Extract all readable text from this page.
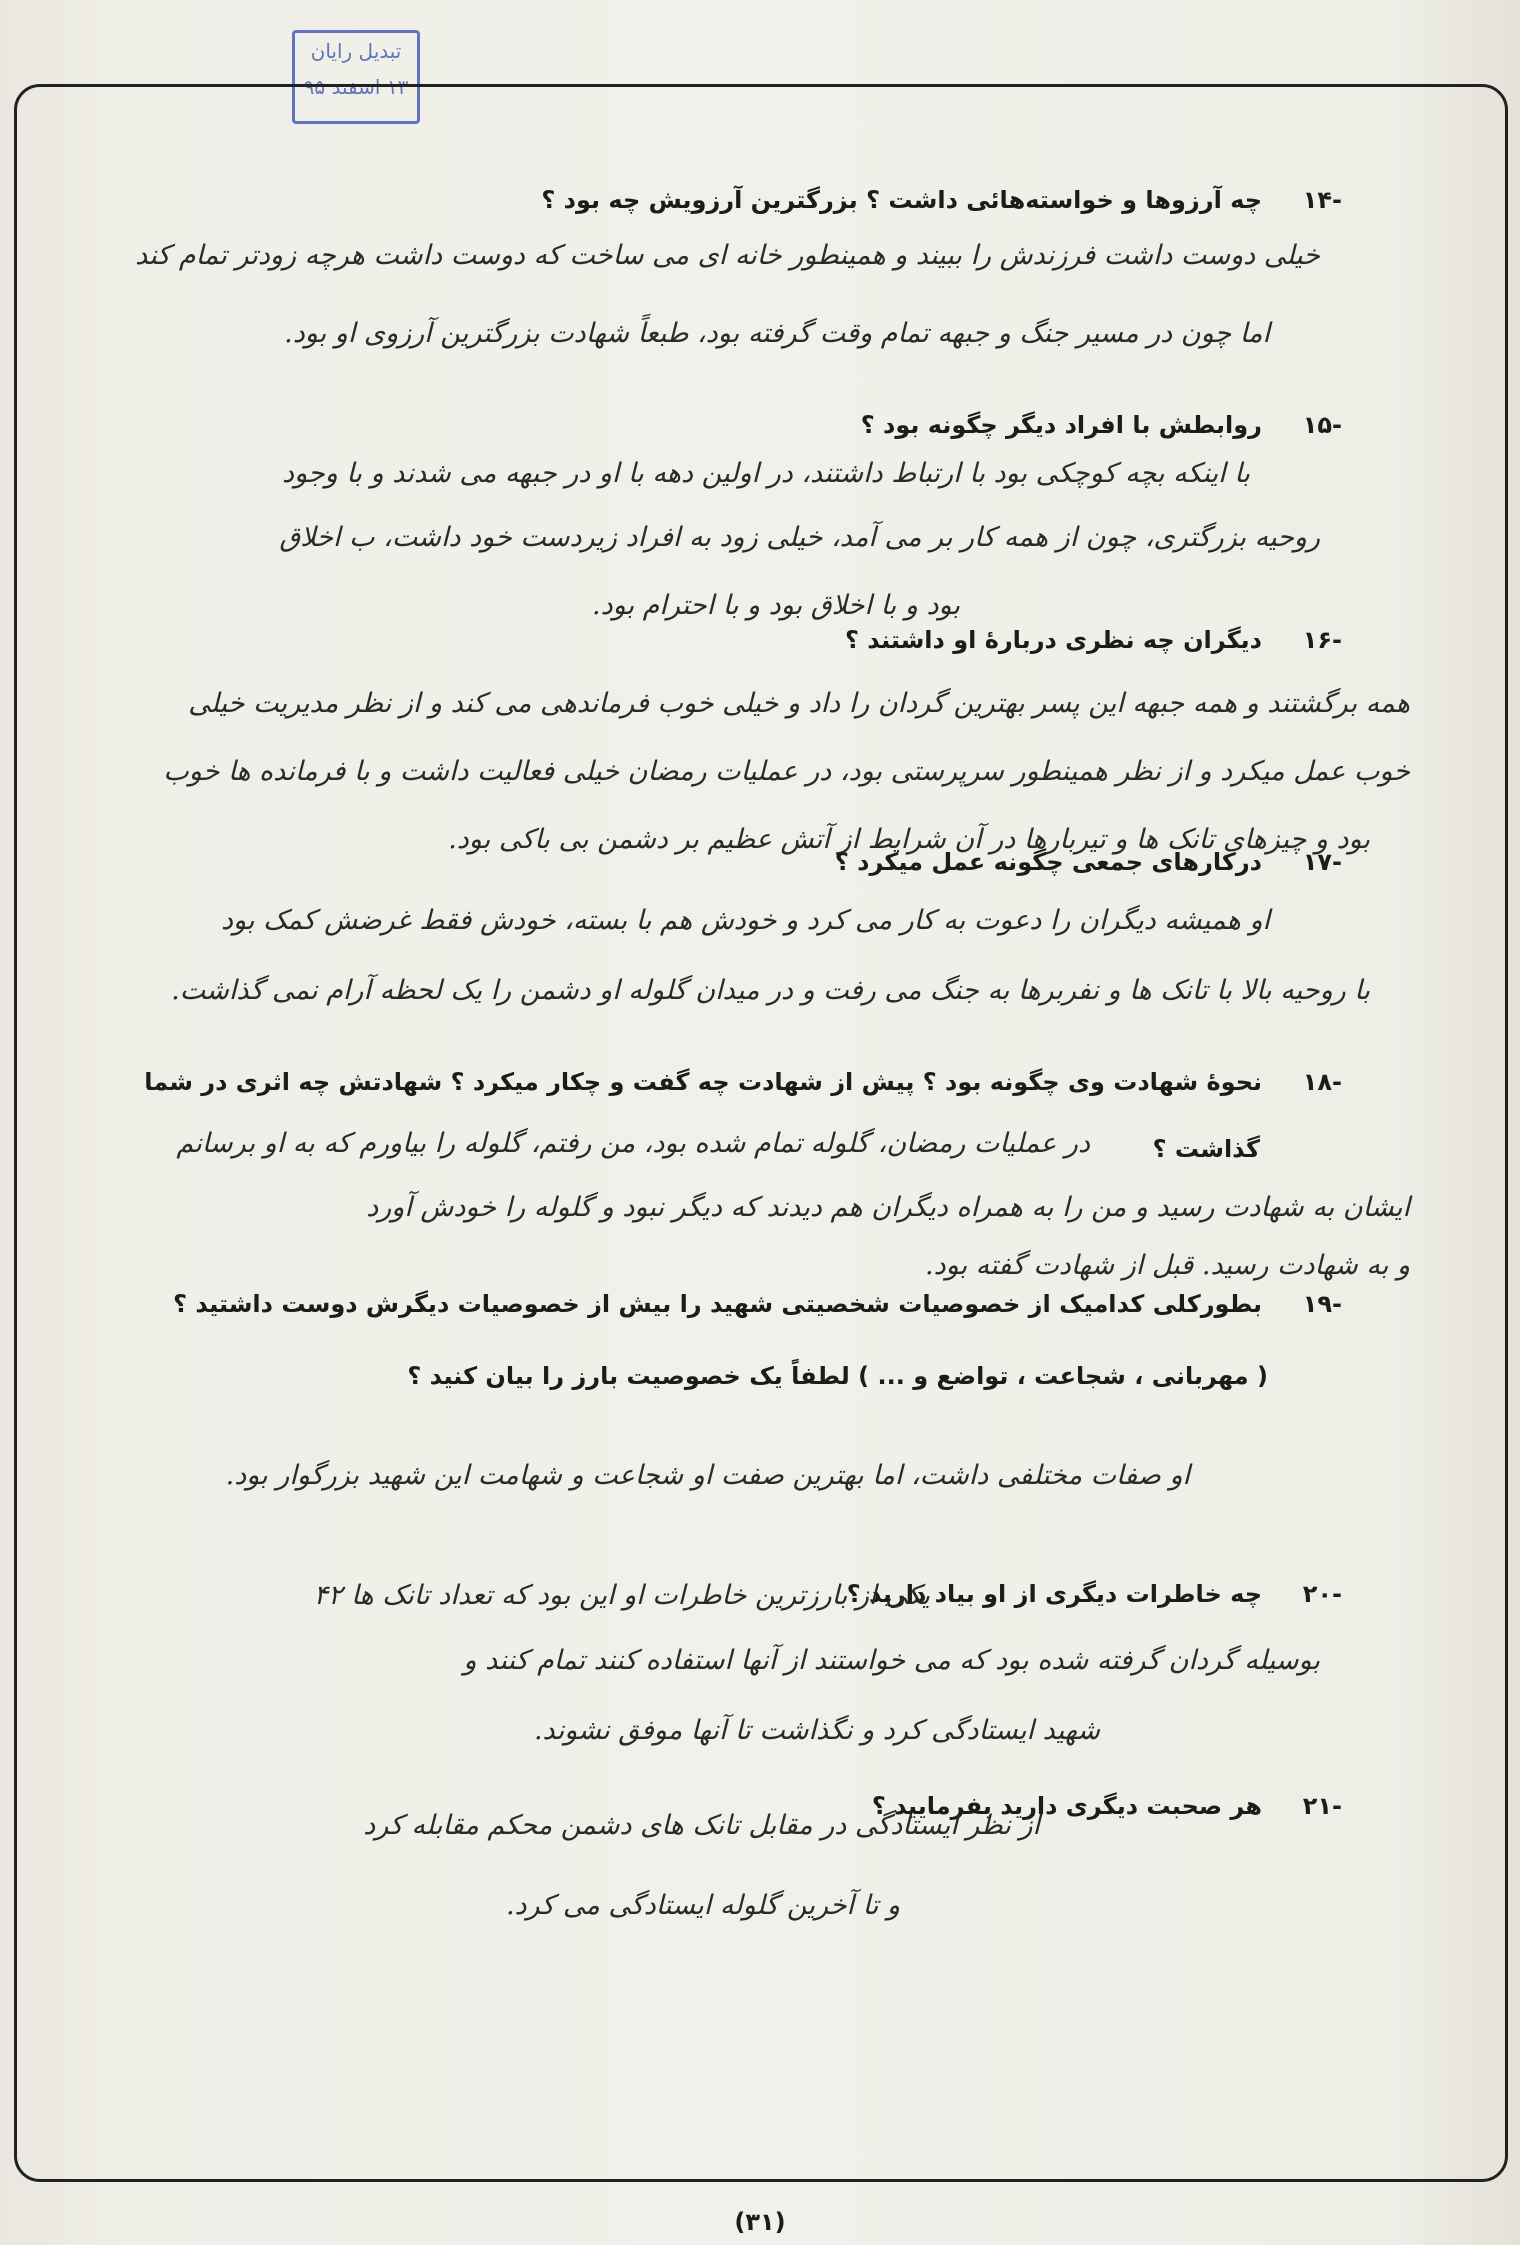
تبدیل رایان
۱۳ اسفند ۹۵
-۱۴چه آرزوها و خواسته‌هائی داشت ؟ بزرگترین آرزویش چه بود ؟
خیلی دوست داشت فرزندش را ببیند و همینطور خانه ای می ساخت که دوست داشت هرچه زودتر تمام کند
اما چون در مسیر جنگ و جبهه تمام وقت گرفته بود، طبعاً شهادت بزرگترین آرزوی او بود.
-۱۵روابطش با افراد دیگر چگونه بود ؟
با اینکه بچه کوچکی بود با ارتباط داشتند، در اولین دهه با او در جبهه می شدند و با وجود
روحیه بزرگتری، چون از همه کار بر می آمد، خیلی زود به افراد زیردست خود داشت، ب اخلاق
بود و با اخلاق بود و با احترام بود.
-۱۶دیگران چه نظری دربارهٔ او داشتند ؟
همه برگشتند و همه جبهه این پسر بهترین گردان را داد و خیلی خوب فرماندهی می کند و از نظر مدیریت خیلی
خوب عمل میکرد و از نظر همینطور سرپرستی بود، در عملیات رمضان خیلی فعالیت داشت و با فرمانده ها خوب
بود و چیزهای تانک ها و تیربارها در آن شرایط از آتش عظیم بر دشمن بی باکی بود.
-۱۷درکارهای جمعی چگونه عمل میکرد ؟
او همیشه دیگران را دعوت به کار می کرد و خودش هم با بسته، خودش فقط غرضش کمک بود
با روحیه بالا با تانک ها و نفربرها به جنگ می رفت و در میدان گلوله او دشمن را یک لحظه آرام نمی گذاشت.
-۱۸نحوهٔ شهادت وی چگونه بود ؟ پیش از شهادت چه گفت و چکار میکرد ؟ شهادتش چه اثری در شما
گذاشت ؟
در عملیات رمضان، گلوله تمام شده بود، من رفتم، گلوله را بیاورم که به او برسانم
ایشان به شهادت رسید و من را به همراه دیگران هم دیدند که دیگر نبود و گلوله را خودش آورد
و به شهادت رسید. قبل از شهادت گفته بود.
-۱۹بطورکلی کدامیک از خصوصیات شخصیتی شهید را بیش از خصوصیات دیگرش دوست داشتید ؟
( مهربانی ، شجاعت ، تواضع و ... ) لطفاً یک خصوصیت بارز را بیان کنید ؟
او صفات مختلفی داشت، اما بهترین صفت او شجاعت و شهامت این شهید بزرگوار بود.
-۲۰چه خاطرات دیگری از او بیاد دارید ؟
یکی از بارزترین خاطرات او این بود که تعداد تانک ها ۴۲
بوسیله گردان گرفته شده بود که می خواستند از آنها استفاده کنند تمام کنند و
شهید ایستادگی کرد و نگذاشت تا آنها موفق نشوند.
-۲۱هر صحبت دیگری دارید بفرمایید ؟
از نظر ایستادگی در مقابل تانک های دشمن محکم مقابله کرد
و تا آخرین گلوله ایستادگی می کرد.
(۳۱)
